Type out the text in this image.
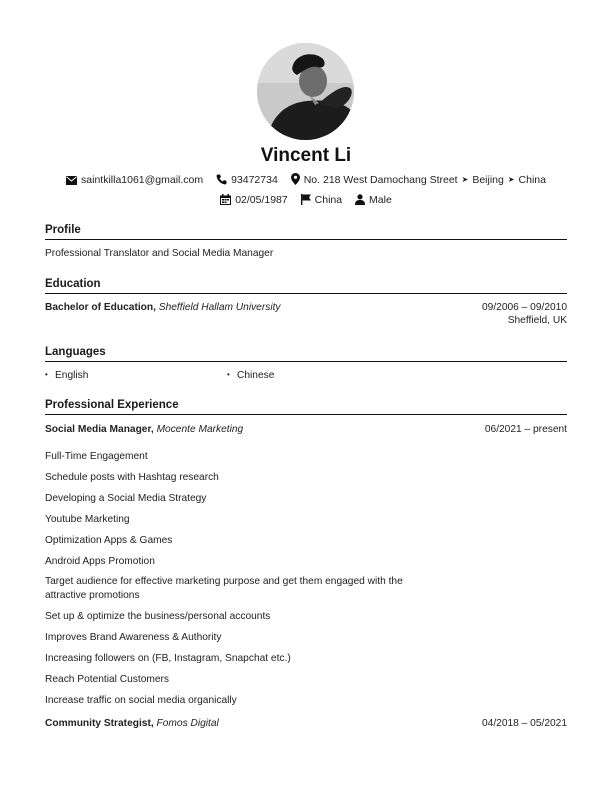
Vincent Li
saintkilla1061@gmail.com	93472734 No. 218 West Damochang Street ➤ Beijing ➤ China
02/05/1987	China	Male
Profile
Professional Translator and Social Media Manager
Education
Bachelor of Education, Sheffield Hallam University	09/2006 – 09/2010
Sheffield, UK
Languages
• English
•	Chinese
Professional Experience
Social Media Manager, Mocente Marketing	06/2021 – present
Full-Time Engagement
Schedule posts with Hashtag research
Developing a Social Media Strategy
Youtube Marketing
Optimization Apps & Games
Android Apps Promotion
Target audience for effective marketing purpose and get them engaged with the attractive promotions
Set up & optimize the business/personal accounts
Improves Brand Awareness & Authority
Increasing followers on (FB, Instagram, Snapchat etc.)
Reach Potential Customers
Increase traffic on social media organically
Community Strategist, Fomos Digital	04/2018 – 05/2021
